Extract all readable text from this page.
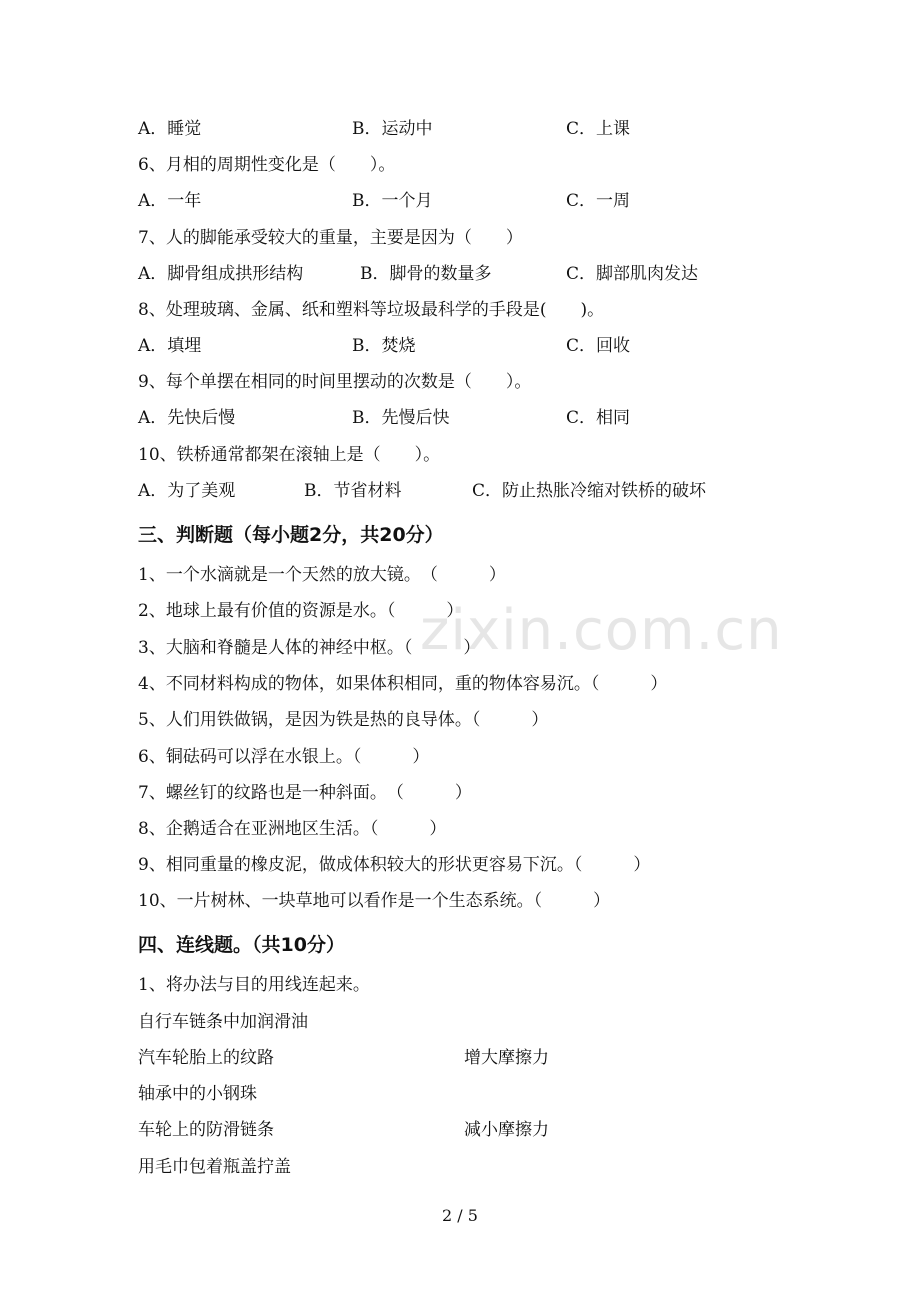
zixin.com.cn
A．睡觉	B．运动中	C．上课
6、月相的周期性变化是（　　）。
A．一年	B．一个月	C．一周
7、人的脚能承受较大的重量，主要是因为（　　）
A．脚骨组成拱形结构	B．脚骨的数量多	C．脚部肌肉发达
8、处理玻璃、金属、纸和塑料等垃圾最科学的手段是(　　)。
A．填埋	B．焚烧	C．回收
9、每个单摆在相同的时间里摆动的次数是（　　）。
A．先快后慢	B．先慢后快	C．相同
10、铁桥通常都架在滚轴上是（　　）。
A．为了美观	B．节省材料	C．防止热胀冷缩对铁桥的破坏
三、判断题（每小题2分，共20分）
1、一个水滴就是一个天然的放大镜。　（　　　）
2、地球上最有价值的资源是水。（　　　）
3、大脑和脊髓是人体的神经中枢。（　　　）
4、不同材料构成的物体，如果体积相同，重的物体容易沉。（　　　）
5、人们用铁做锅，是因为铁是热的良导体。（　　　）
6、铜砝码可以浮在水银上。（　　　）
7、螺丝钉的纹路也是一种斜面。　（　　　）
8、企鹅适合在亚洲地区生活。（　　　）
9、相同重量的橡皮泥，做成体积较大的形状更容易下沉。（　　　）
10、一片树林、一块草地可以看作是一个生态系统。（　　　）
四、连线题。（共10分）
1、将办法与目的用线连起来。
自行车链条中加润滑油
汽车轮胎上的纹路	增大摩擦力
轴承中的小钢珠
车轮上的防滑链条	减小摩擦力
用毛巾包着瓶盖拧盖
2 / 5
